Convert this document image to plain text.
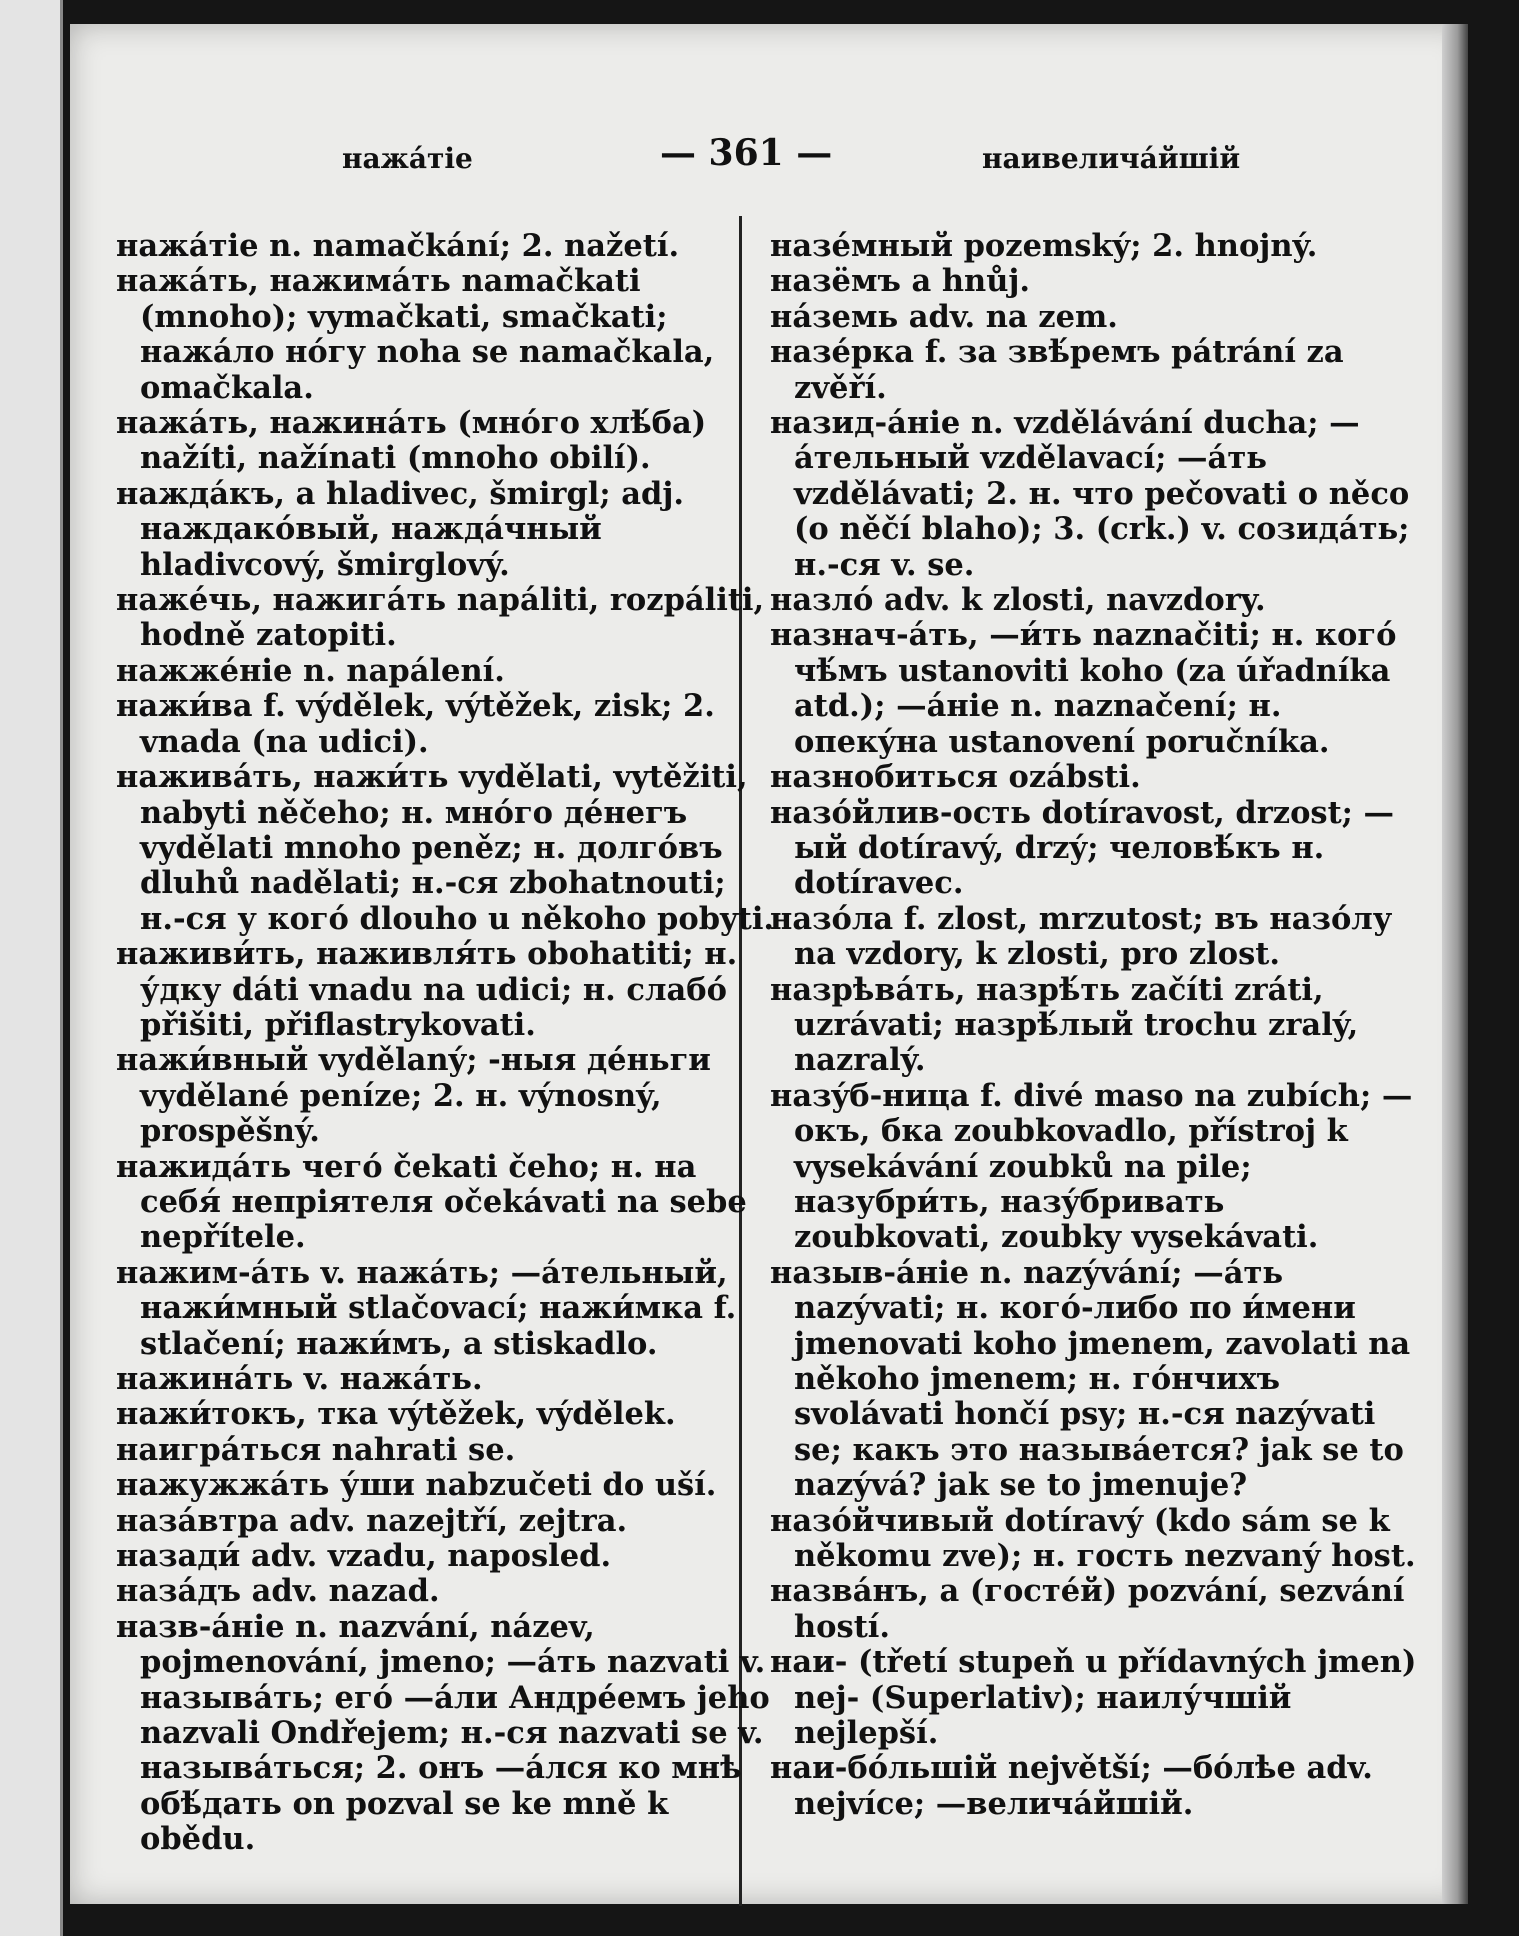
нажáтіе	— 361 —	наивеличáйшій
нажáтіе n. namačkání; 2. nažetí.
нажáть, нажимáть namačkati (mnoho); vymačkati, smačkati; нажáло нóгу noha se namačkala, omačkala.
нажáть, нажинáть (мнóго хлѣ́ба) nažíti, nažínati (mnoho obilí).
наждáкъ, a hladivec, šmirgl; adj. наждакóвый, наждáчный hladivcový, šmirglový.
нажéчь, нажигáть napáliti, rozpáliti, hodně zatopiti.
нажжéніе n. napálení.
нажи́ва f. výdělek, výtěžek, zisk; 2. vnada (na udici).
наживáть, нажи́ть vydělati, vytěžiti, nabyti něčeho; н. мнóго дéнегъ vydělati mnoho peněz; н. долгóвъ dluhů nadělati; н.-ся zbohatnouti; н.-ся у когó dlouho u někoho pobyti.
наживи́ть, наживля́ть obohatiti; н. у́дку dáti vnadu na udici; н. слабó přišiti, přiflastrykovati.
нажи́вный vydělaný; -ныя дéньги vydělané peníze; 2. н. výnosný, prospěšný.
нажидáть чегó čekati čeho; н. на себя́ непрiятеля očekávati na sebe nepřítele.
нажим-áть v. нажáть; —áтельный, нажи́мный stlačovací; нажи́мка f. stlačení; нажи́мъ, a stiskadlo.
нажинáть v. нажáть.
нажи́токъ, тка výtěžek, výdělek.
наигрáться nahrati se.
нажужжáть у́ши nabzučeti do uší.
назáвтра adv. nazejtří, zejtra.
назади́ adv. vzadu, naposled.
назáдъ adv. nazad.
назв-áніе n. nazvání, název, pojmenování, jmeno; —áть nazvati v. называ́ть; егó —áли Андрéемъ jeho nazvali Ondřejem; н.-ся nazvati se v. называ́ться; 2. онъ —áлся ко мнѣ обѣ́дать on pozval se ke mně k obědu.
назéмный pozemský; 2. hnojný.
назёмъ a hnůj.
нáземь adv. na zem.
назéрка f. за звѣ́ремъ pátrání za zvěří.
назид-áніе n. vzdělávání ducha; —áтельный vzdělavací; —áть vzdělávati; 2. н. что pečovati o něco (o něčí blaho); 3. (crk.) v. созидáть; н.-ся v. se.
назлó adv. k zlosti, navzdory.
назнач-áть, —и́ть naznačiti; н. когó чѣ́мъ ustanoviti koho (za úřadníka atd.); —áніе n. naznačení; н. опекýна ustanovení poručníka.
назнобиться ozábsti.
назóйлив-ость dotíravost, drzost; —ый dotíravý, drzý; человѣ́къ н. dotíravec.
назóла f. zlost, mrzutost; въ назóлу na vzdory, k zlosti, pro zlost.
назрѣвáть, назрѣ́ть začíti zráti, uzrávati; назрѣ́лый trochu zralý, nazralý.
назýб-ница f. divé maso na zubích; —окъ, бка zoubkovadlo, přístroj k vysekávání zoubků na pile; назубри́ть, назýбривать zoubkovati, zoubky vysekávati.
назыв-áніе n. nazývání; —áть nazývati; н. когó-либо по и́мени jmenovati koho jmenem, zavolati na někoho jmenem; н. гóнчихъ svolávati hončí psy; н.-ся nazývati se; какъ это называ́ется? jak se to nazývá? jak se to jmenuje?
назóйчивый dotíravý (kdo sám se k někomu zve); н. гость nezvaný host.
назвáнъ, a (гостéй) pozvání, sezvání hostí.
наи- (třetí stupeň u přídavných jmen) nej- (Superlativ); наилу́чшій nejlepší.
наи-бóльшій největší; —бóлѣе adv. nejvíce; —величáйшій.
